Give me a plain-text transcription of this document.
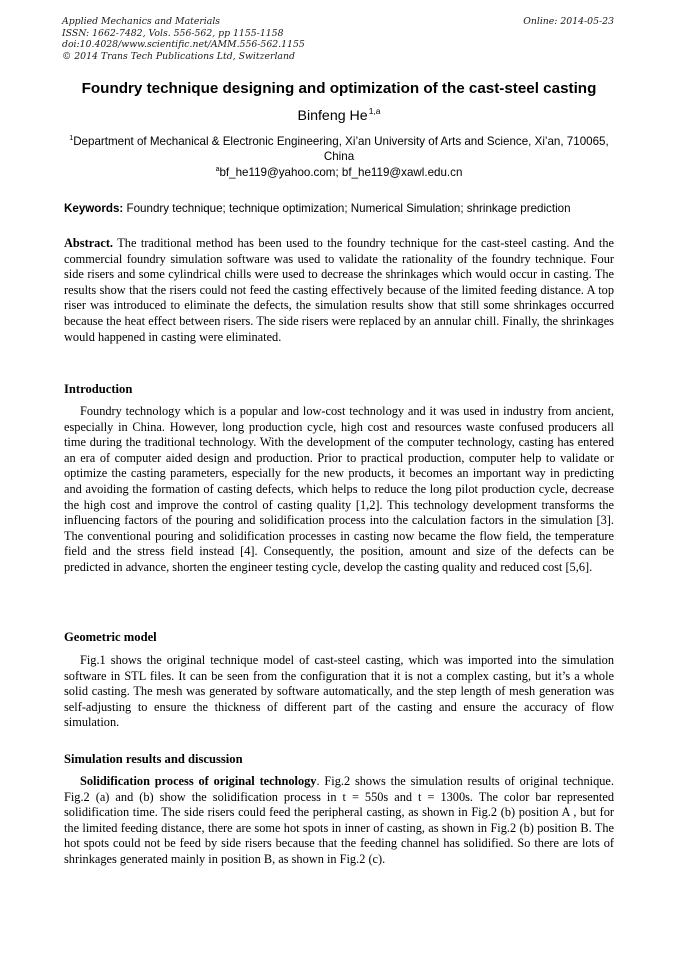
Applied Mechanics and Materials
ISSN: 1662-7482, Vols. 556-562, pp 1155-1158
doi:10.4028/www.scientific.net/AMM.556-562.1155
© 2014 Trans Tech Publications Ltd, Switzerland
Online: 2014-05-23
Foundry technique designing and optimization of the cast-steel casting
Binfeng He$^{1,a}$
$^1$Department of Mechanical & Electronic Engineering, Xi’an University of Arts and Science, Xi’an, 710065, China
$^a$bf_he119@yahoo.com; bf_he119@xawl.edu.cn
Keywords: Foundry technique; technique optimization; Numerical Simulation; shrinkage prediction

Abstract. The traditional method has been used to the foundry technique for the cast-steel casting. And the commercial foundry simulation software was used to validate the rationality of the foundry technique. Four side risers and some cylindrical chills were used to decrease the shrinkages which would occur in casting. The results show that the risers could not feed the casting effectively because of the limited feeding distance. A top riser was introduced to eliminate the defects, the simulation results show that still some shrinkages occurred because the heat effect between risers. The side risers were replaced by an annular chill. Finally, the shrinkages would happened in casting were eliminated.

Introduction

Foundry technology which is a popular and low-cost technology and it was used in industry from ancient, especially in China. However, long production cycle, high cost and resources waste confused producers all time during the traditional technology. With the development of the computer technology, casting has entered an era of computer aided design and production. Prior to practical production, computer help to validate or optimize the casting parameters, especially for the new products, it becomes an important way in predicting and avoiding the formation of casting defects, which helps to reduce the long pilot production cycle, decrease the high cost and improve the control of casting quality [1,2]. This technology development transforms the influencing factors of the pouring and solidification process into the calculation factors in the simulation [3]. The conventional pouring and solidification processes in casting now became the flow field, the temperature field and the stress field instead [4]. Consequently, the position, amount and size of the defects can be predicted in advance, shorten the engineer testing cycle, develop the casting quality and reduced cost [5,6].

Geometric model

Fig.1 shows the original technique model of cast-steel casting, which was imported into the simulation software in STL files. It can be seen from the configuration that it is not a complex casting, but it’s a whole solid casting. The mesh was generated by software automatically, and the step length of mesh generation was self-adjusting to ensure the thickness of different part of the casting and ensure the accuracy of flow simulation.

Simulation results and discussion

Solidification process of original technology. Fig.2 shows the simulation results of original technique. Fig.2 (a) and (b) show the solidification process in t = 550s and t = 1300s. The color bar represented solidification time. The side risers could feed the peripheral casting, as shown in Fig.2 (b) position A , but for the limited feeding distance, there are some hot spots in inner of casting, as shown in Fig.2 (b) position B. The hot spots could not be feed by side risers because that the feeding channel has solidified. So there are lots of shrinkages generated mainly in position B, as shown in Fig.2 (c).
